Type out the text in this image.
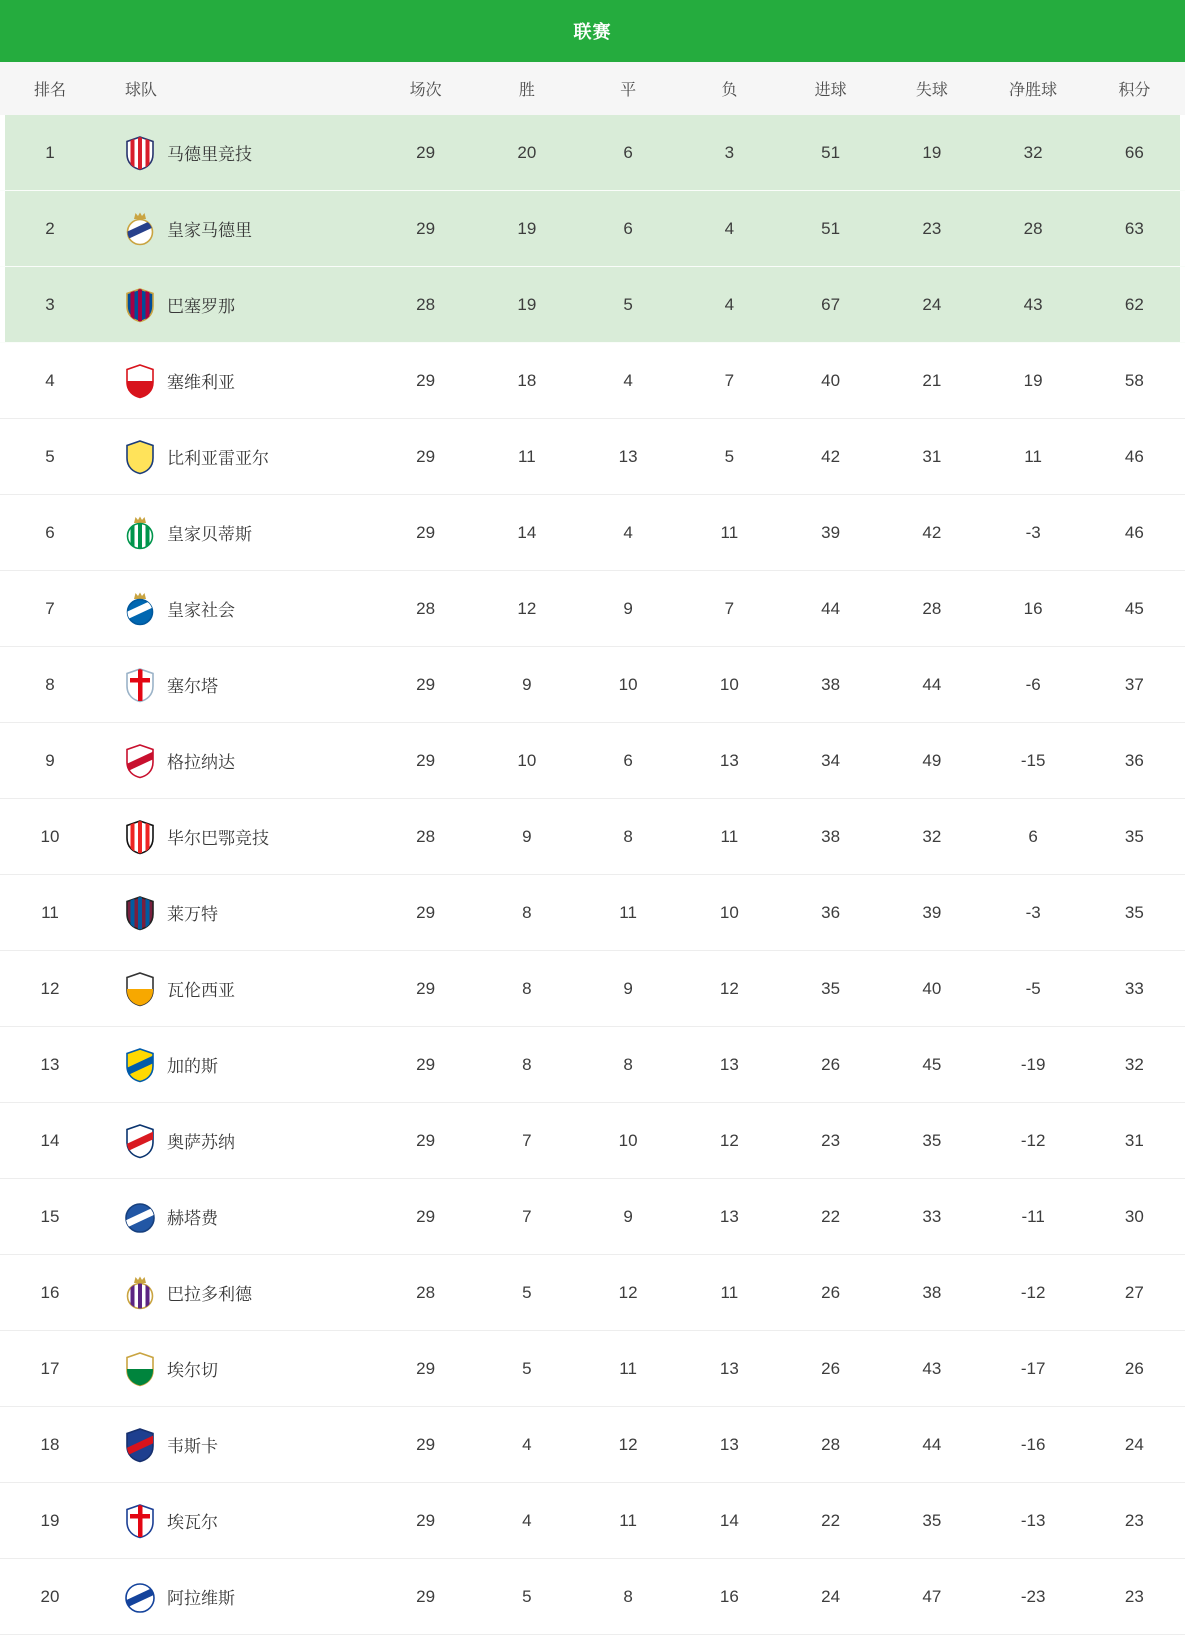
联赛
排名	球队	场次	胜	平	负	进球	失球	净胜球	积分
1	马德里竞技	29	20	6	3	51	19	32	66
2	皇家马德里	29	19	6	4	51	23	28	63
3	巴塞罗那	28	19	5	4	67	24	43	62
4	塞维利亚	29	18	4	7	40	21	19	58
5	比利亚雷亚尔	29	11	13	5	42	31	11	46
6	皇家贝蒂斯	29	14	4	11	39	42	-3	46
7	皇家社会	28	12	9	7	44	28	16	45
8	塞尔塔	29	9	10	10	38	44	-6	37
9	格拉纳达	29	10	6	13	34	49	-15	36
10	毕尔巴鄂竞技	28	9	8	11	38	32	6	35
11	莱万特	29	8	11	10	36	39	-3	35
12	瓦伦西亚	29	8	9	12	35	40	-5	33
13	加的斯	29	8	8	13	26	45	-19	32
14	奥萨苏纳	29	7	10	12	23	35	-12	31
15	赫塔费	29	7	9	13	22	33	-11	30
16	巴拉多利德	28	5	12	11	26	38	-12	27
17	埃尔切	29	5	11	13	26	43	-17	26
18	韦斯卡	29	4	12	13	28	44	-16	24
19	埃瓦尔	29	4	11	14	22	35	-13	23
20	阿拉维斯	29	5	8	16	24	47	-23	23
